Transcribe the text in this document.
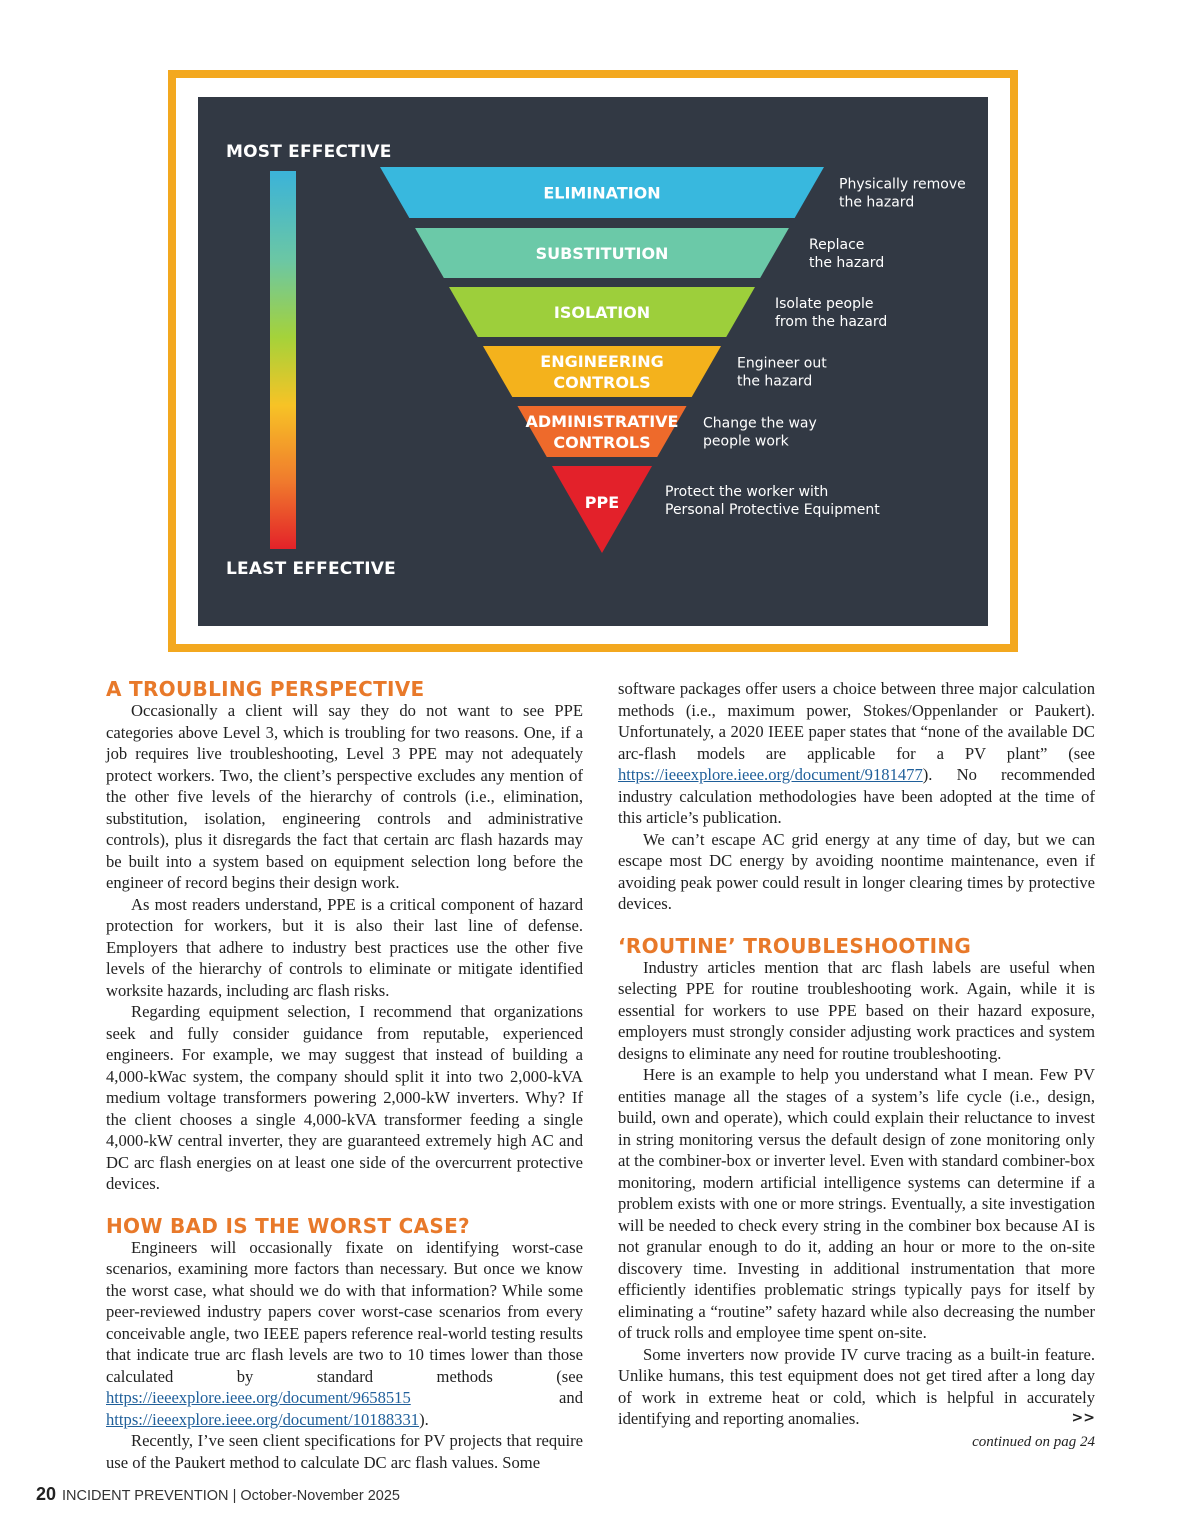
MOST EFFECTIVE
LEAST EFFECTIVE
ELIMINATION	Physically remove
the hazard
SUBSTITUTION	Replace
the hazard
ISOLATION	Isolate people
from the hazard
ENGINEERING
CONTROLS
Engineer out
the hazard
ADMINISTRATIVE
CONTROLS
Change the way
people work
PPE
Protect the worker with
Personal Protective Equipment
A TROUBLING PERSPECTIVE

Occasionally a client will say they do not want to see PPE categories above Level 3, which is troubling for two reasons. One, if a job requires live troubleshooting, Level 3 PPE may not adequately protect workers. Two, the client’s perspective excludes any mention of the other five levels of the hierarchy of controls (i.e., elimination, substitution, isolation, engineering controls and administrative controls), plus it disregards the fact that certain arc flash hazards may be built into a system based on equipment selection long before the engineer of record begins their design work.

As most readers understand, PPE is a critical component of hazard protection for workers, but it is also their last line of defense. Employers that adhere to industry best practices use the other five levels of the hierarchy of controls to eliminate or mitigate identified worksite hazards, including arc flash risks.

Regarding equipment selection, I recommend that organizations seek and fully consider guidance from reputable, experienced engineers. For example, we may suggest that instead of building a 4,000-kWac system, the company should split it into two 2,000-kVA medium voltage transformers powering 2,000-kW inverters. Why? If the client chooses a single 4,000-kVA transformer feeding a single 4,000-kW central inverter, they are guaranteed extremely high AC and DC arc flash energies on at least one side of the overcurrent protective devices.

HOW BAD IS THE WORST CASE?

Engineers will occasionally fixate on identifying worst-case scenarios, examining more factors than necessary. But once we know the worst case, what should we do with that information? While some peer-reviewed industry papers cover worst-case scenarios from every conceivable angle, two IEEE papers reference real-world testing results that indicate true arc flash levels are two to 10 times lower than those calculated by standard methods (see https://ieeexplore.ieee.org/document/9658515 and https://ieeexplore.ieee.org/document/10188331).

Recently, I’ve seen client specifications for PV projects that require use of the Paukert method to calculate DC arc flash values. Some

software packages offer users a choice between three major calculation methods (i.e., maximum power, Stokes/Oppenlander or Paukert). Unfortunately, a 2020 IEEE paper states that “none of the available DC arc-flash models are applicable for a PV plant” (see https://ieeexplore.ieee.org/document/9181477). No recommended industry calculation methodologies have been adopted at the time of this article’s publication.

We can’t escape AC grid energy at any time of day, but we can escape most DC energy by avoiding noontime maintenance, even if avoiding peak power could result in longer clearing times by protective devices.

‘ROUTINE’ TROUBLESHOOTING

Industry articles mention that arc flash labels are useful when selecting PPE for routine troubleshooting work. Again, while it is essential for workers to use PPE based on their hazard exposure, employers must strongly consider adjusting work practices and system designs to eliminate any need for routine troubleshooting.

Here is an example to help you understand what I mean. Few PV entities manage all the stages of a system’s life cycle (i.e., design, build, own and operate), which could explain their reluctance to invest in string monitoring versus the default design of zone monitoring only at the combiner-box or inverter level. Even with standard combiner-box monitoring, modern artificial intelligence systems can determine if a problem exists with one or more strings. Eventually, a site investigation will be needed to check every string in the combiner box because AI is not granular enough to do it, adding an hour or more to the on-site discovery time. Investing in additional instrumentation that more efficiently identifies problematic strings typically pays for itself by eliminating a “routine” safety hazard while also decreasing the number of truck rolls and employee time spent on-site.

Some inverters now provide IV curve tracing as a built-in feature. Unlike humans, this test equipment does not get tired after a long day of work in extreme heat or cold, which is helpful in accurately identifying and reporting anomalies.	>>

continued on pag 24
20 INCIDENT PREVENTION | October-November 2025
